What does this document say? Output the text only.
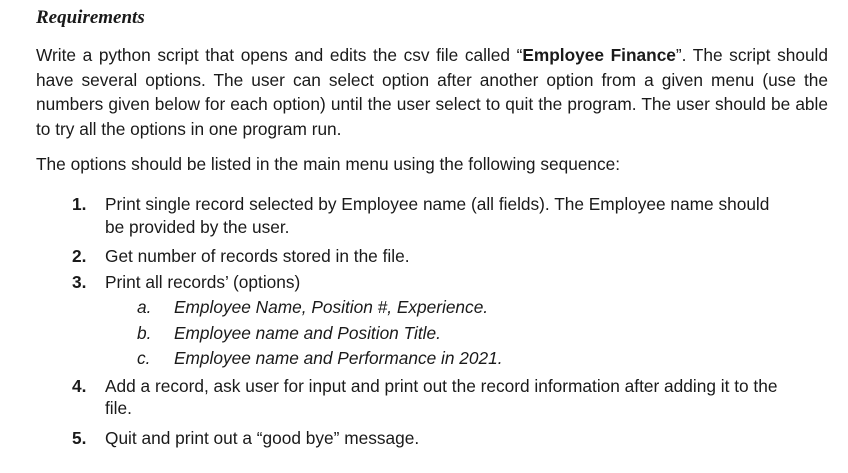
Requirements

Write a python script that opens and edits the csv file called “Employee Finance”. The script should have several options. The user can select option after another option from a given menu (use the numbers given below for each option) until the user select to quit the program. The user should be able to try all the options in one program run.

The options should be listed in the main menu using the following sequence:

1. Print single record selected by Employee name (all fields). The Employee name should be provided by the user.
2. Get number of records stored in the file.
3. Print all records’ (options)
a. Employee Name, Position #, Experience.
b. Employee name and Position Title.
c. Employee name and Performance in 2021.
4. Add a record, ask user for input and print out the record information after adding it to the file.
5. Quit and print out a “good bye” message.
